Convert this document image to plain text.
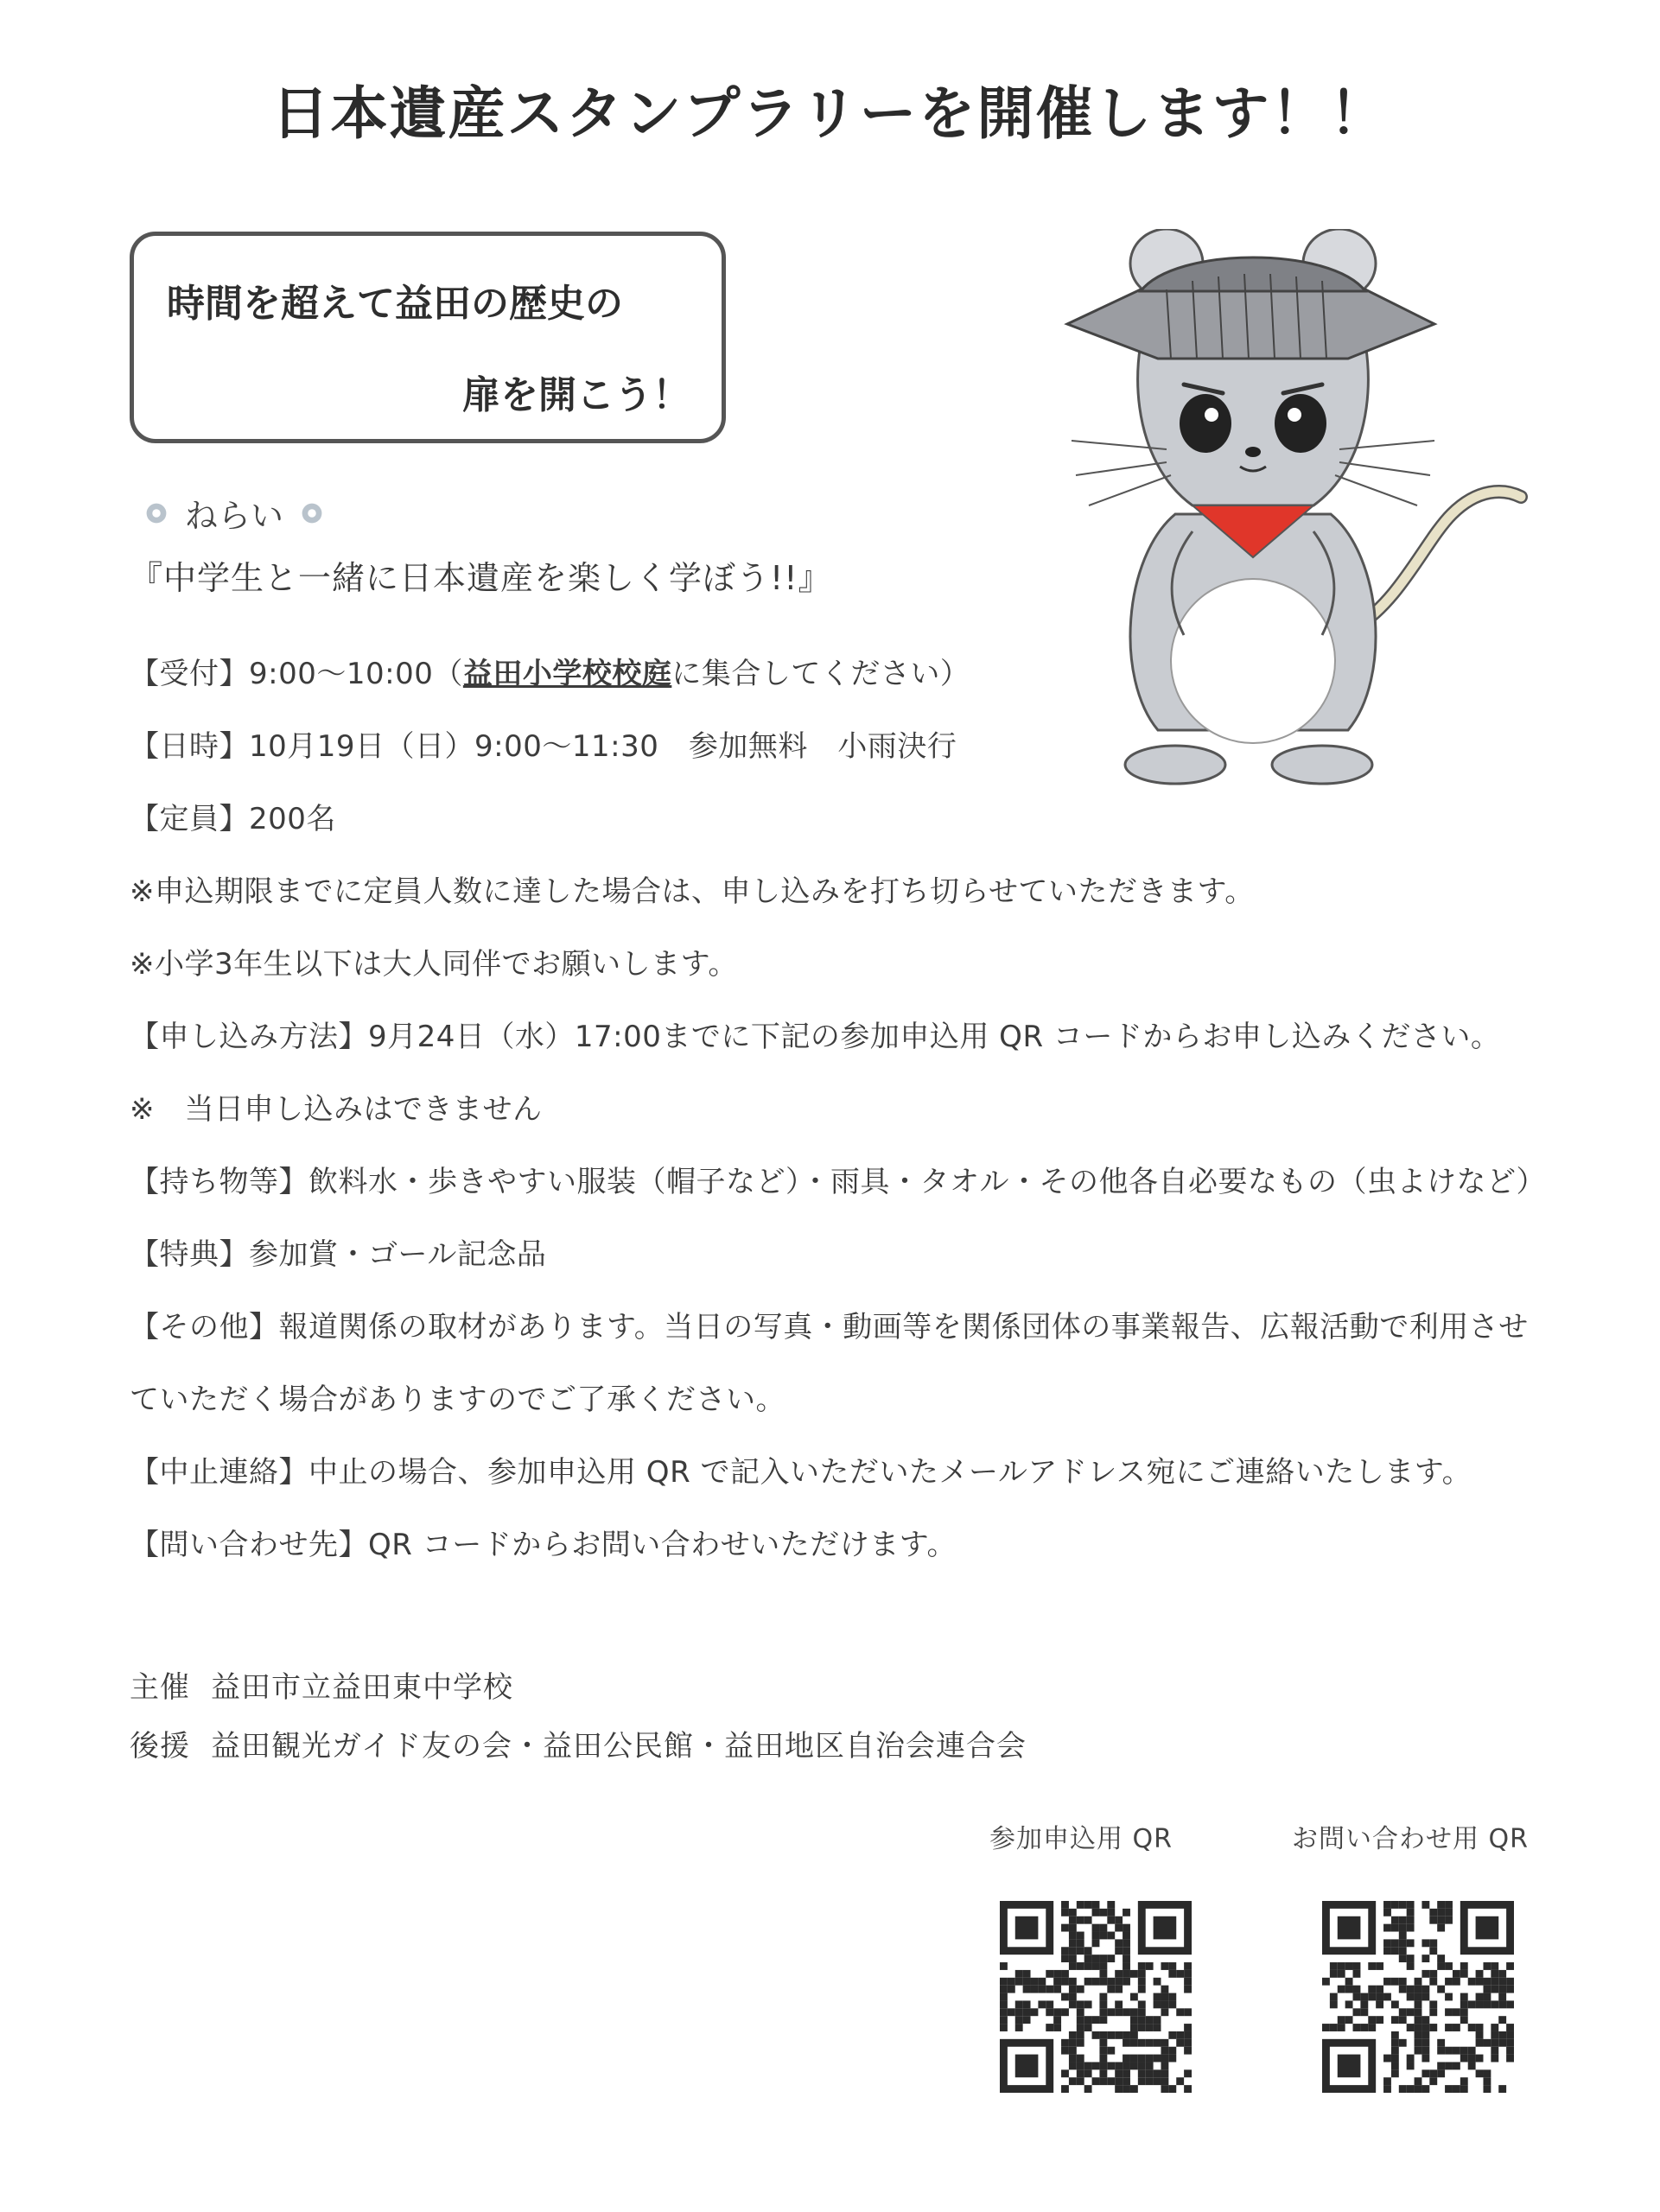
日本遺産スタンプラリーを開催します！！
時間を超えて益田の歴史の
扉を開こう！
ねらい
『中学生と一緒に日本遺産を楽しく学ぼう!!』
【受付】9:00～10:00（益田小学校校庭に集合してください）
【日時】10月19日（日）9:00～11:30　参加無料　小雨決行
【定員】200名
※申込期限までに定員人数に達した場合は、申し込みを打ち切らせていただきます。
※小学3年生以下は大人同伴でお願いします。
【申し込み方法】9月24日（水）17:00までに下記の参加申込用 QR コードからお申し込みください。
※　当日申し込みはできません
【持ち物等】飲料水・歩きやすい服装（帽子など）・雨具・タオル・その他各自必要なもの（虫よけなど）
【特典】参加賞・ゴール記念品
【その他】報道関係の取材があります。当日の写真・動画等を関係団体の事業報告、広報活動で利用させ
ていただく場合がありますのでご了承ください。
【中止連絡】中止の場合、参加申込用 QR で記入いただいたメールアドレス宛にご連絡いたします。
【問い合わせ先】QR コードからお問い合わせいただけます。
主催 益田市立益田東中学校
後援 益田観光ガイド友の会・益田公民館・益田地区自治会連合会
参加申込用 QR	お問い合わせ用 QR
